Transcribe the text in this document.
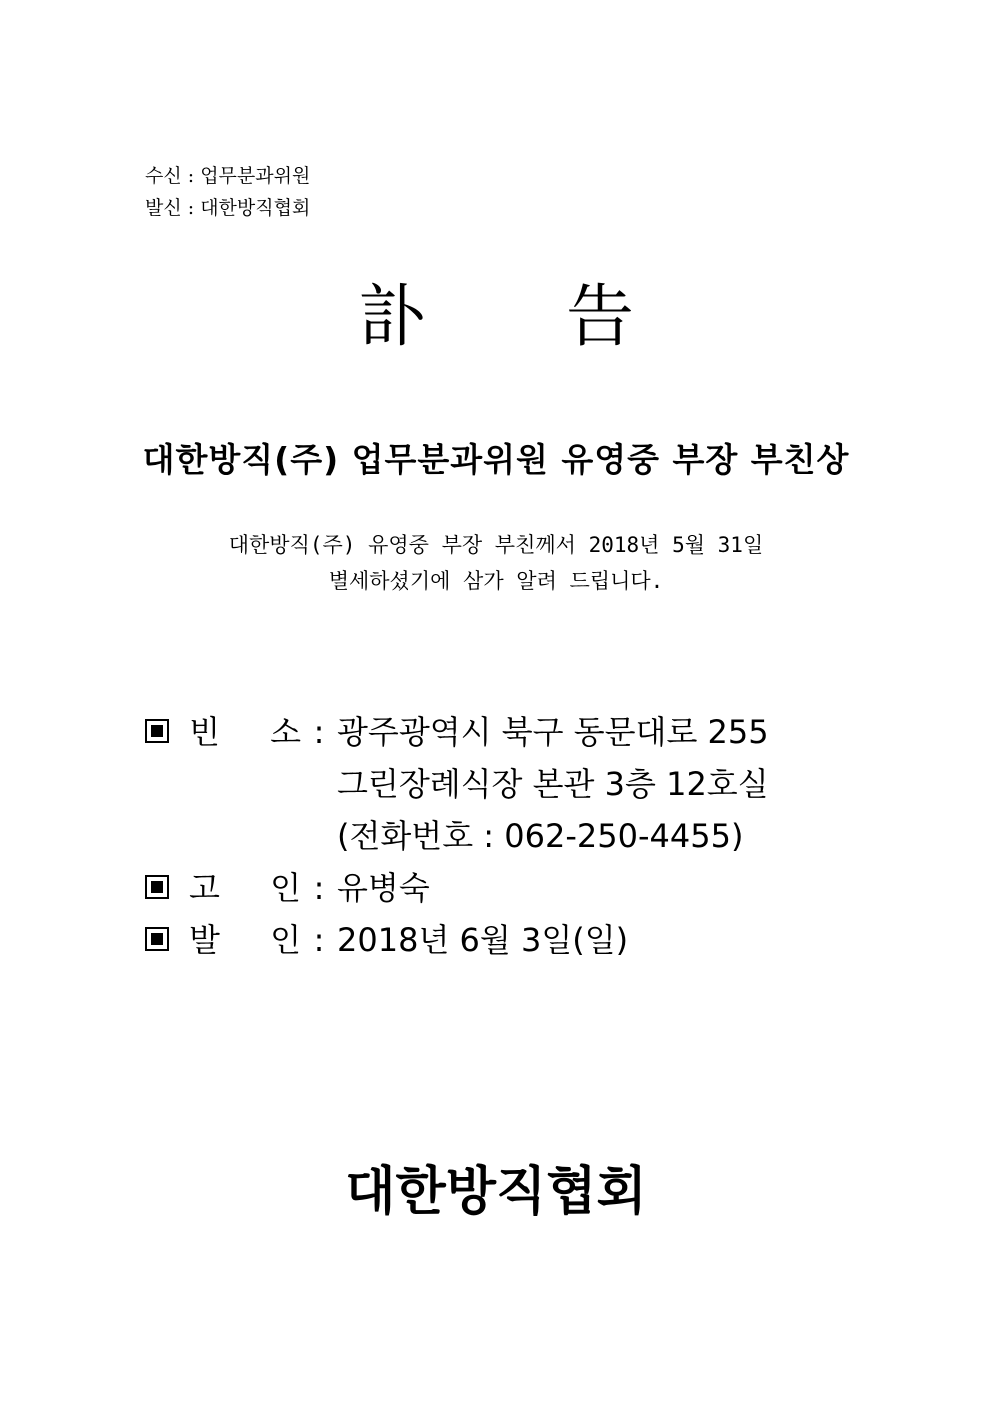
수신 : 업무분과위원
발신 : 대한방직협회
訃 告
대한방직(주) 업무분과위원 유영중 부장 부친상
대한방직(주) 유영중 부장 부친께서 2018년 5월 31일
별세하셨기에 삼가 알려 드립니다.
빈 소 : 광주광역시 북구 동문대로 255
그린장례식장 본관 3층 12호실
(전화번호 : 062-250-4455)
고 인 : 유병숙
발 인 : 2018년 6월 3일(일)
대한방직협회
